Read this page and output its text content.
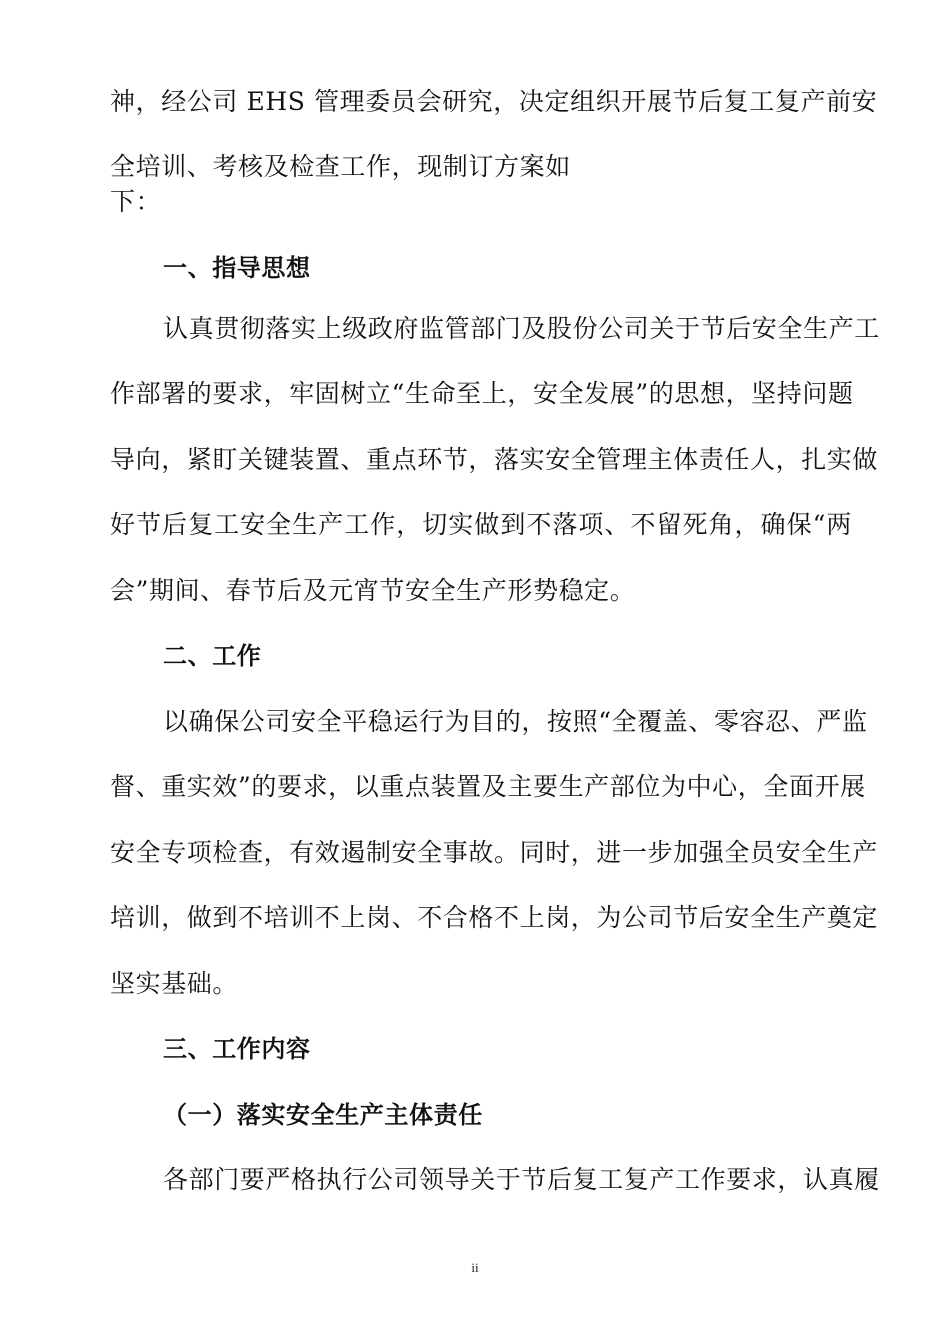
神，经公司 EHS 管理委员会研究，决定组织开展节后复工复产前安
全培训、考核及检查工作，现制订方案如
下：
一、指导思想
认真贯彻落实上级政府监管部门及股份公司关于节后安全生产工
作部署的要求，牢固树立“生命至上，安全发展”的思想，坚持问题
导向，紧盯关键装置、重点环节，落实安全管理主体责任人，扎实做
好节后复工安全生产工作，切实做到不落项、不留死角，确保“两
会”期间、春节后及元宵节安全生产形势稳定。
二、工作
以确保公司安全平稳运行为目的，按照“全覆盖、零容忍、严监
督、重实效”的要求，以重点装置及主要生产部位为中心，全面开展
安全专项检查，有效遏制安全事故。同时，进一步加强全员安全生产
培训，做到不培训不上岗、不合格不上岗，为公司节后安全生产奠定
坚实基础。
三、工作内容
（一）落实安全生产主体责任
各部门要严格执行公司领导关于节后复工复产工作要求，认真履
ii
